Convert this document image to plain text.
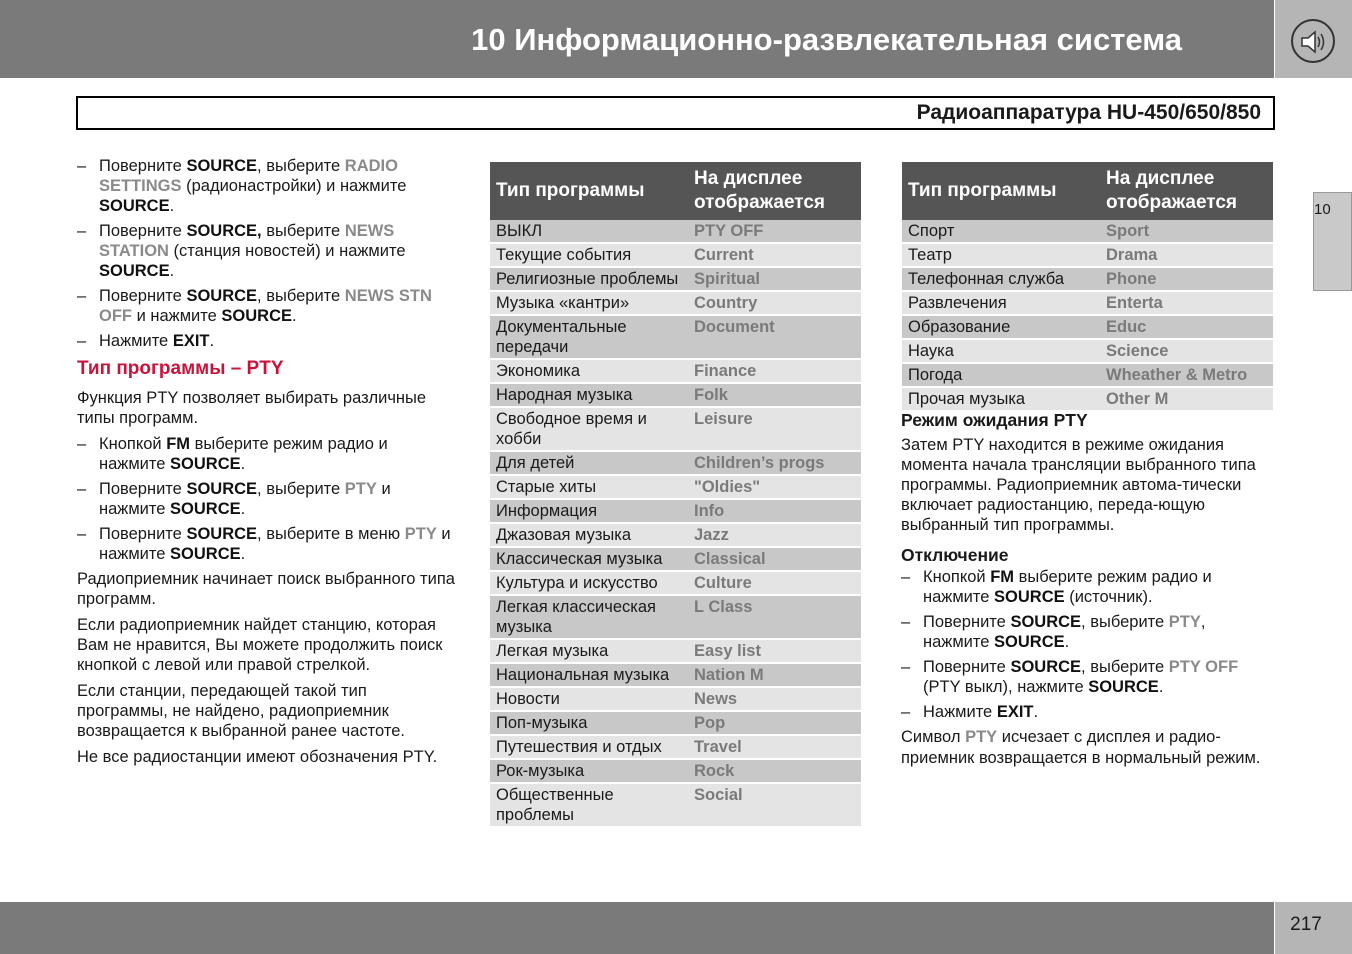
10 Информационно-развлекательная система
Радиоаппаратура HU-450/650/850
10
– Поверните SOURCE, выберите RADIO SETTINGS (радионастройки) и нажмите SOURCE.
– Поверните SOURCE, выберите NEWS STATION (станция новостей) и нажмите SOURCE.
– Поверните SOURCE, выберите NEWS STN OFF и нажмите SOURCE.
– Нажмите EXIT.
Тип программы – PTY
Функция PTY позволяет выбирать различные типы программ.
– Кнопкой FM выберите режим радио и нажмите SOURCE.
– Поверните SOURCE, выберите PTY и нажмите SOURCE.
– Поверните SOURCE, выберите в меню PTY и нажмите SOURCE.
Радиоприемник начинает поиск выбранного типа программ.
Если радиоприемник найдет станцию, которая Вам не нравится, Вы можете продолжить поиск кнопкой с левой или правой стрелкой.
Если станции, передающей такой тип программы, не найдено, радиоприемник возвращается к выбранной ранее частоте.
Не все радиостанции имеют обозначения PTY.
Тип программы	На дисплее отображается
ВЫКЛ	PTY OFF
Текущие события	Current
Религиозные проблемы	Spiritual
Музыка «кантри»	Country
Документальные передачи	Document
Экономика	Finance
Народная музыка	Folk
Свободное время и хобби	Leisure
Для детей	Children’s progs
Старые хиты	"Oldies"
Информация	Info
Джазовая музыка	Jazz
Классическая музыка	Classical
Культура и искусство	Culture
Легкая классическая музыка	L Class
Легкая музыка	Easy list
Национальная музыка	Nation M
Новости	News
Поп-музыка	Pop
Путешествия и отдых	Travel
Рок-музыка	Rock
Общественные проблемы	Social
Тип программы	На дисплее отображается
Спорт	Sport
Театр	Drama
Телефонная служба	Phone
Развлечения	Enterta
Образование	Educ
Наука	Science
Погода	Wheather & Metro
Прочая музыка	Other M
Режим ожидания PTY
Затем PTY находится в режиме ожидания момента начала трансляции выбранного типа программы. Радиоприемник автома-тически включает радиостанцию, переда-ющую выбранный тип программы.
Отключение
– Кнопкой FM выберите режим радио и нажмите SOURCE (источник).
– Поверните SOURCE, выберите PTY, нажмите SOURCE.
– Поверните SOURCE, выберите PTY OFF (PTY выкл), нажмите SOURCE.
– Нажмите EXIT.
Символ PTY исчезает с дисплея и радио-приемник возвращается в нормальный режим.
217
